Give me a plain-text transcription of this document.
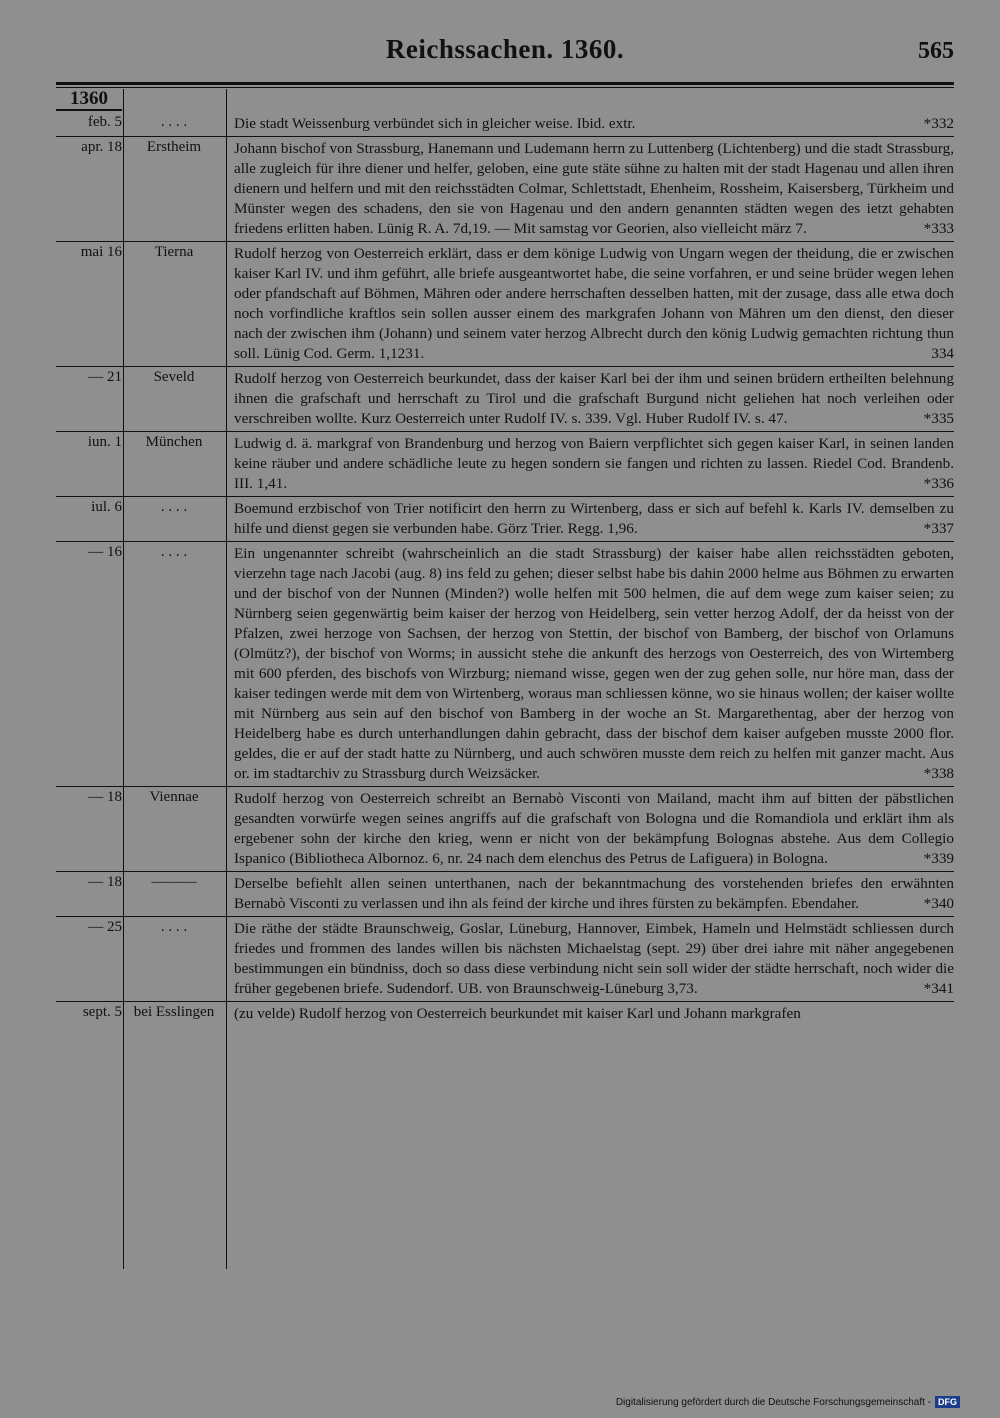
Reichssachen. 1360.	565
1360
feb. 5	. . . .	Die stadt Weissenburg verbündet sich in gleicher weise. Ibid. extr.	*332
apr. 18	Erstheim	Johann bischof von Strassburg, Hanemann und Ludemann herrn zu Luttenberg (Lichtenberg) und die stadt Strassburg, alle zugleich für ihre diener und helfer, geloben, eine gute stäte sühne zu halten mit der stadt Hagenau und allen ihren dienern und helfern und mit den reichsstädten Colmar, Schlettstadt, Ehenheim, Rossheim, Kaisersberg, Türkheim und Münster wegen des schadens, den sie von Hagenau und den andern genannten städten wegen des ietzt gehabten friedens erlitten haben. Lünig R. A. 7d,19. — Mit samstag vor Georien, also vielleicht märz 7.	*333
mai 16	Tierna	Rudolf herzog von Oesterreich erklärt, dass er dem könige Ludwig von Ungarn wegen der theidung, die er zwischen kaiser Karl IV. und ihm geführt, alle briefe ausgeantwortet habe, die seine vorfahren, er und seine brüder wegen lehen oder pfandschaft auf Böhmen, Mähren oder andere herrschaften desselben hatten, mit der zusage, dass alle etwa doch noch vorfindliche kraftlos sein sollen ausser einem des markgrafen Johann von Mähren um den dienst, den dieser nach der zwischen ihm (Johann) und seinem vater herzog Albrecht durch den könig Ludwig gemachten richtung thun soll. Lünig Cod. Germ. 1,1231.	334
— 21	Seveld	Rudolf herzog von Oesterreich beurkundet, dass der kaiser Karl bei der ihm und seinen brüdern ertheilten belehnung ihnen die grafschaft und herrschaft zu Tirol und die grafschaft Burgund nicht geliehen hat noch verleihen oder verschreiben wollte. Kurz Oesterreich unter Rudolf IV. s. 339. Vgl. Huber Rudolf IV. s. 47.	*335
iun. 1	München	Ludwig d. ä. markgraf von Brandenburg und herzog von Baiern verpflichtet sich gegen kaiser Karl, in seinen landen keine räuber und andere schädliche leute zu hegen sondern sie fangen und richten zu lassen. Riedel Cod. Brandenb. III. 1,41.	*336
iul. 6	. . . .	Boemund erzbischof von Trier notificirt den herrn zu Wirtenberg, dass er sich auf befehl k. Karls IV. demselben zu hilfe und dienst gegen sie verbunden habe. Görz Trier. Regg. 1,96.	*337
— 16	. . . .	Ein ungenannter schreibt (wahrscheinlich an die stadt Strassburg) der kaiser habe allen reichsstädten geboten, vierzehn tage nach Jacobi (aug. 8) ins feld zu gehen; dieser selbst habe bis dahin 2000 helme aus Böhmen zu erwarten und der bischof von der Nunnen (Minden?) wolle helfen mit 500 helmen, die auf dem wege zum kaiser seien; zu Nürnberg seien gegenwärtig beim kaiser der herzog von Heidelberg, sein vetter herzog Adolf, der da heisst von der Pfalzen, zwei herzoge von Sachsen, der herzog von Stettin, der bischof von Bamberg, der bischof von Orlamuns (Olmütz?), der bischof von Worms; in aussicht stehe die ankunft des herzogs von Oesterreich, des von Wirtemberg mit 600 pferden, des bischofs von Wirzburg; niemand wisse, gegen wen der zug gehen solle, nur höre man, dass der kaiser tedingen werde mit dem von Wirtenberg, woraus man schliessen könne, wo sie hinaus wollen; der kaiser wollte mit Nürnberg aus sein auf den bischof von Bamberg in der woche an St. Margarethentag, aber der herzog von Heidelberg habe es durch unterhandlungen dahin gebracht, dass der bischof dem kaiser aufgeben musste 2000 flor. geldes, die er auf der stadt hatte zu Nürnberg, und auch schwören musste dem reich zu helfen mit ganzer macht. Aus or. im stadtarchiv zu Strassburg durch Weizsäcker.	*338
— 18	Viennae	Rudolf herzog von Oesterreich schreibt an Bernabò Visconti von Mailand, macht ihm auf bitten der päbstlichen gesandten vorwürfe wegen seines angriffs auf die grafschaft von Bologna und die Romandiola und erklärt ihm als ergebener sohn der kirche den krieg, wenn er nicht von der bekämpfung Bolognas abstehe. Aus dem Collegio Ispanico (Bibliotheca Albornoz. 6, nr. 24 nach dem elenchus des Petrus de Lafiguera) in Bologna.	*339
— 18	———	Derselbe befiehlt allen seinen unterthanen, nach der bekanntmachung des vorstehenden briefes den erwähnten Bernabò Visconti zu verlassen und ihn als feind der kirche und ihres fürsten zu bekämpfen. Ebendaher.	*340
— 25	. . . .	Die räthe der städte Braunschweig, Goslar, Lüneburg, Hannover, Eimbek, Hameln und Helmstädt schliessen durch friedes und frommen des landes willen bis nächsten Michaelstag (sept. 29) über drei iahre mit näher angegebenen bestimmungen ein bündniss, doch so dass diese verbindung nicht sein soll wider der städte herrschaft, noch wider die früher gegebenen briefe. Sudendorf. UB. von Braunschweig-Lüneburg 3,73.	*341
sept. 5 bei Esslingen	(zu velde) Rudolf herzog von Oesterreich beurkundet mit kaiser Karl und Johann markgrafen
Digitalisierung gefördert durch die Deutsche Forschungsgemeinschaft - DFG
